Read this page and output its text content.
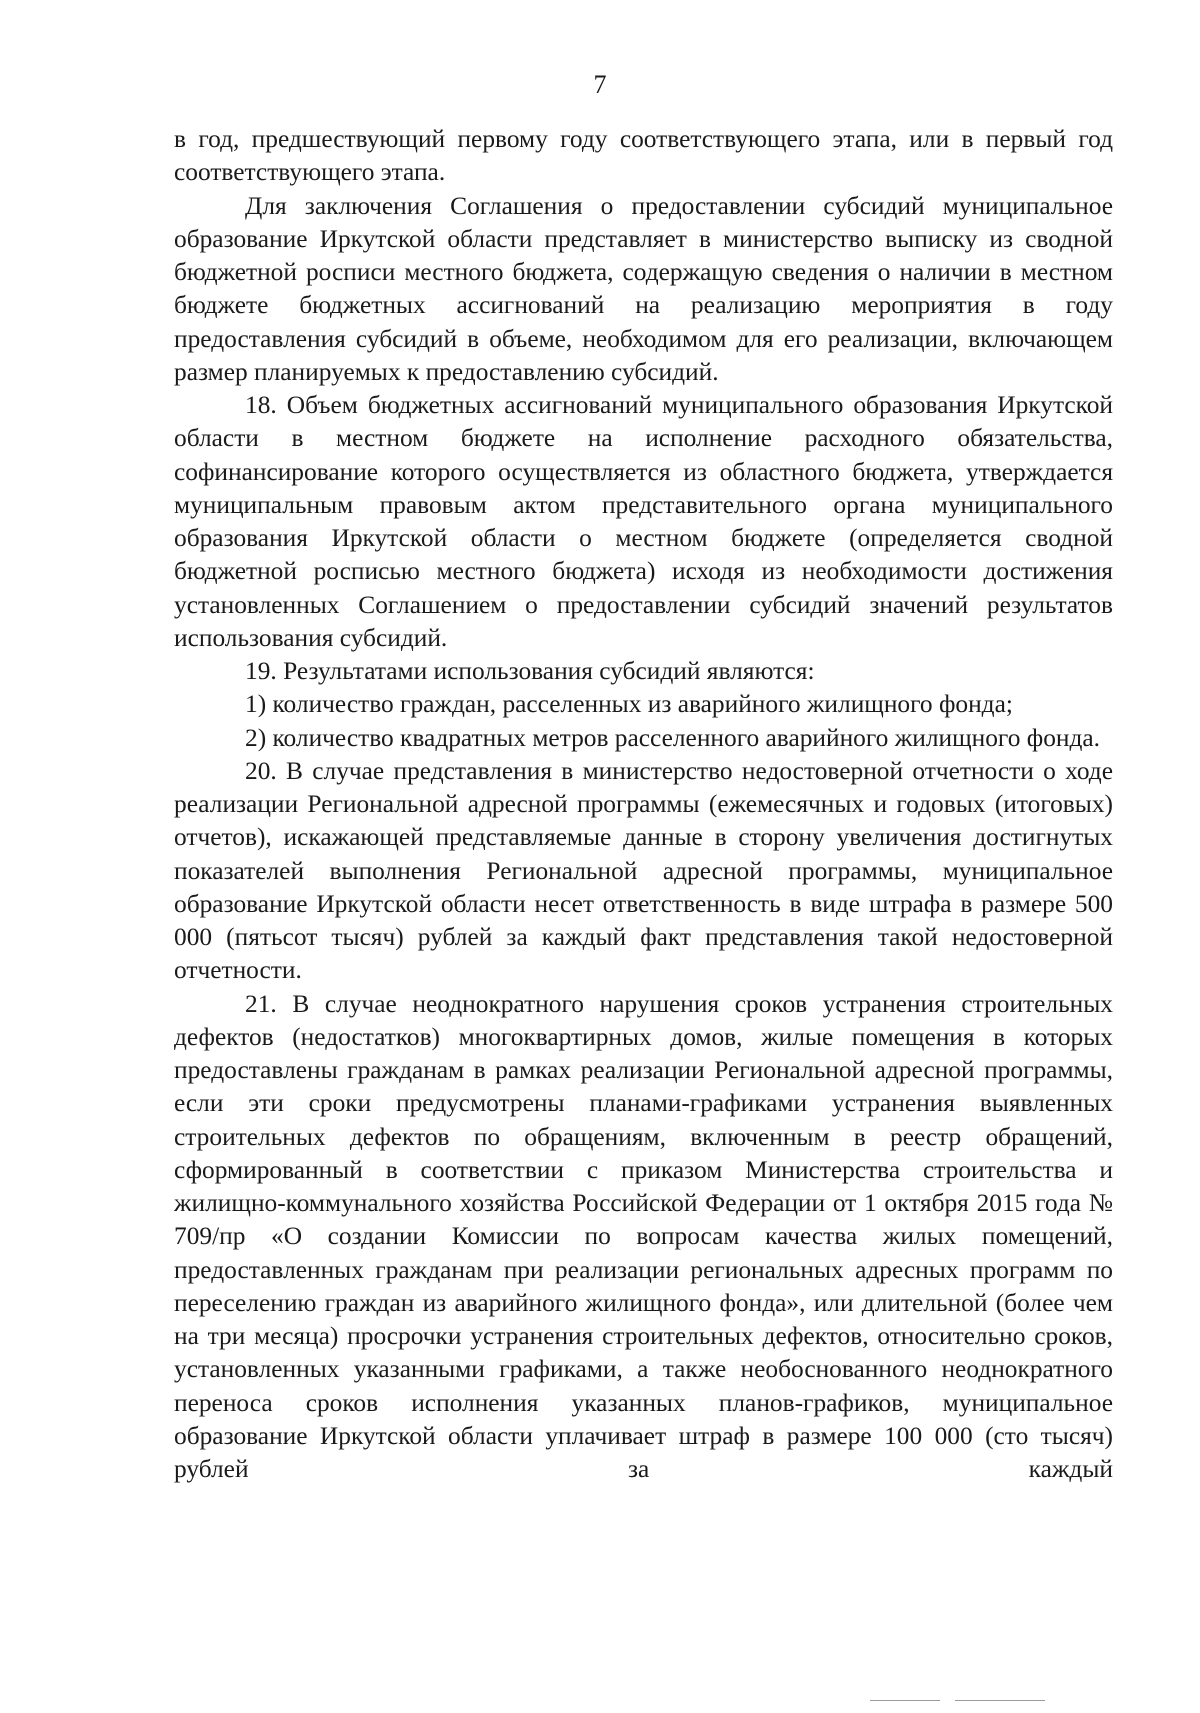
7

в год, предшествующий первому году соответствующего этапа, или в первый год соответствующего этапа.

Для заключения Соглашения о предоставлении субсидий муниципальное образование Иркутской области представляет в министерство выписку из сводной бюджетной росписи местного бюджета, содержащую сведения о наличии в местном бюджете бюджетных ассигнований на реализацию мероприятия в году предоставления субсидий в объеме, необходимом для его реализации, включающем размер планируемых к предоставлению субсидий.

18. Объем бюджетных ассигнований муниципального образования Иркутской области в местном бюджете на исполнение расходного обязательства, софинансирование которого осуществляется из областного бюджета, утверждается муниципальным правовым актом представительного органа муниципального образования Иркутской области о местном бюджете (определяется сводной бюджетной росписью местного бюджета) исходя из необходимости достижения установленных Соглашением о предоставлении субсидий значений результатов использования субсидий.

19. Результатами использования субсидий являются:

1) количество граждан, расселенных из аварийного жилищного фонда;

2) количество квадратных метров расселенного аварийного жилищного фонда.

20. В случае представления в министерство недостоверной отчетности о ходе реализации Региональной адресной программы (ежемесячных и годовых (итоговых) отчетов), искажающей представляемые данные в сторону увеличения достигнутых показателей выполнения Региональной адресной программы, муниципальное образование Иркутской области несет ответственность в виде штрафа в размере 500 000 (пятьсот тысяч) рублей за каждый факт представления такой недостоверной отчетности.

21. В случае неоднократного нарушения сроков устранения строительных дефектов (недостатков) многоквартирных домов, жилые помещения в которых предоставлены гражданам в рамках реализации Региональной адресной программы, если эти сроки предусмотрены планами-графиками устранения выявленных строительных дефектов по обращениям, включенным в реестр обращений, сформированный в соответствии с приказом Министерства строительства и жилищно-коммунального хозяйства Российской Федерации от 1 октября 2015 года № 709/пр «О создании Комиссии по вопросам качества жилых помещений, предоставленных гражданам при реализации региональных адресных программ по переселению граждан из аварийного жилищного фонда», или длительной (более чем на три месяца) просрочки устранения строительных дефектов, относительно сроков, установленных указанными графиками, а также необоснованного неоднократного переноса сроков исполнения указанных планов-графиков, муниципальное образование Иркутской области уплачивает штраф в размере 100 000 (сто тысяч) рублей за каждый
